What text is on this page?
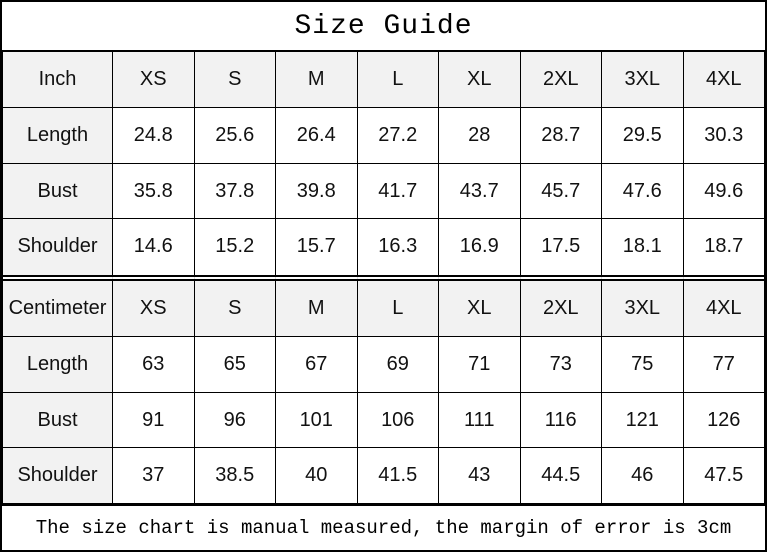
Size Guide
Inch	XS	S	M	L	XL	2XL	3XL	4XL
Length	24.8	25.6	26.4	27.2	28	28.7	29.5	30.3
Bust	35.8	37.8	39.8	41.7	43.7	45.7	47.6	49.6
Shoulder	14.6	15.2	15.7	16.3	16.9	17.5	18.1	18.7

Centimeter	XS	S	M	L	XL	2XL	3XL	4XL
Length	63	65	67	69	71	73	75	77
Bust	91	96	101	106	111	116	121	126
Shoulder	37	38.5	40	41.5	43	44.5	46	47.5
The size chart is manual measured, the margin of error is 3cm
